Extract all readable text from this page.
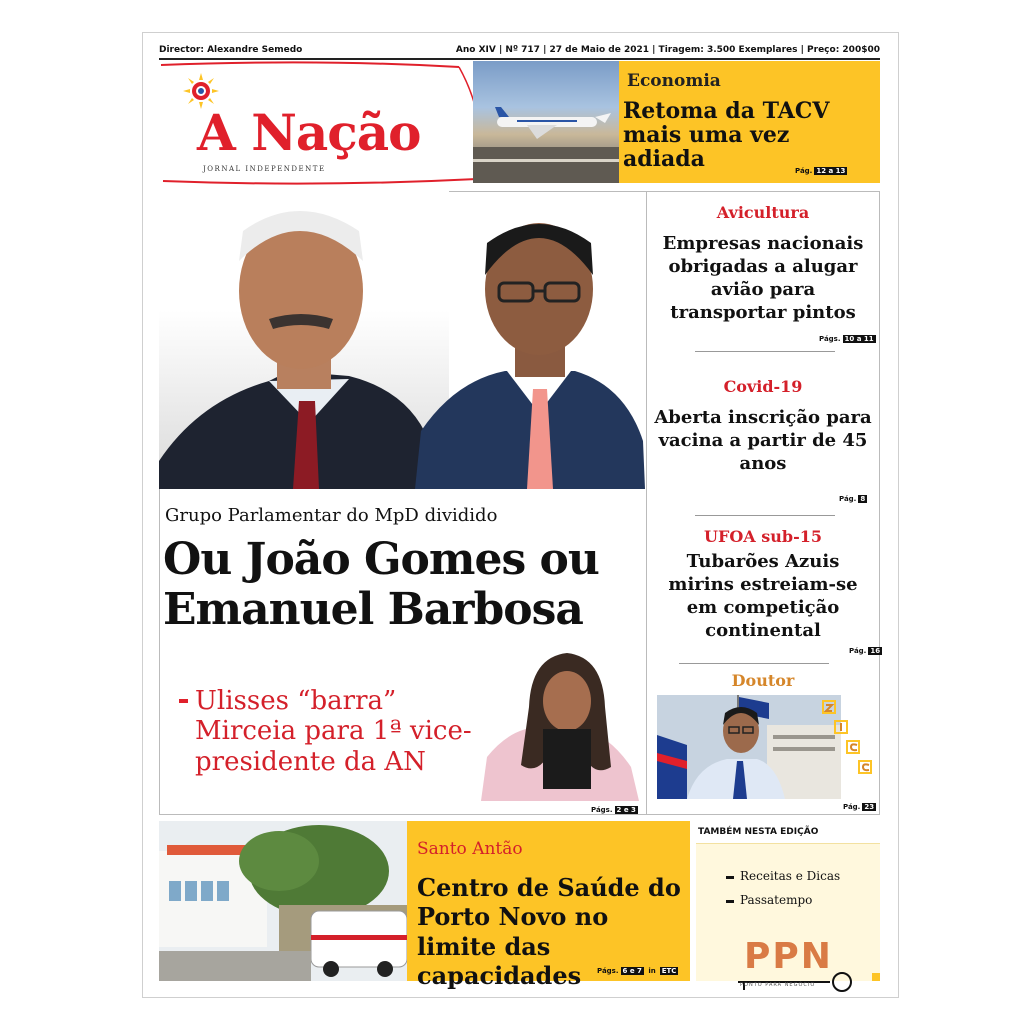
Director: Alexandre Semedo	Ano XIV | Nº 717 | 27 de Maio de 2021 | Tiragem: 3.500 Exemplares | Preço: 200$00
A Nação
JORNAL INDEPENDENTE
Economia
Retoma da TACV mais uma vez adiada	Pág. 12 a 13
Grupo Parlamentar do MpD dividido
Ou João Gomes ou Emanuel Barbosa
Ulisses “barra” Mirceia para 1ª vice-presidente da AN
Págs. 2 e 3
Avicultura
Empresas nacionais obrigadas a alugar avião para transportar pintos
Págs. 10 a 11
Covid-19
Aberta inscrição para vacina a partir de 45 anos
Pág. 8
UFOA sub-15
Tubarões Azuis mirins estreiam-se em competição continental
Pág. 16
Doutor
Pág. 23
Santo Antão
Centro de Saúde do Porto Novo no limite das capacidades	Págs. 6 e 7 in ETC
TAMBÉM NESTA EDIÇÃO
Receitas e Dicas
Passatempo
PPN
PONTO PARA NEGÓCIO
